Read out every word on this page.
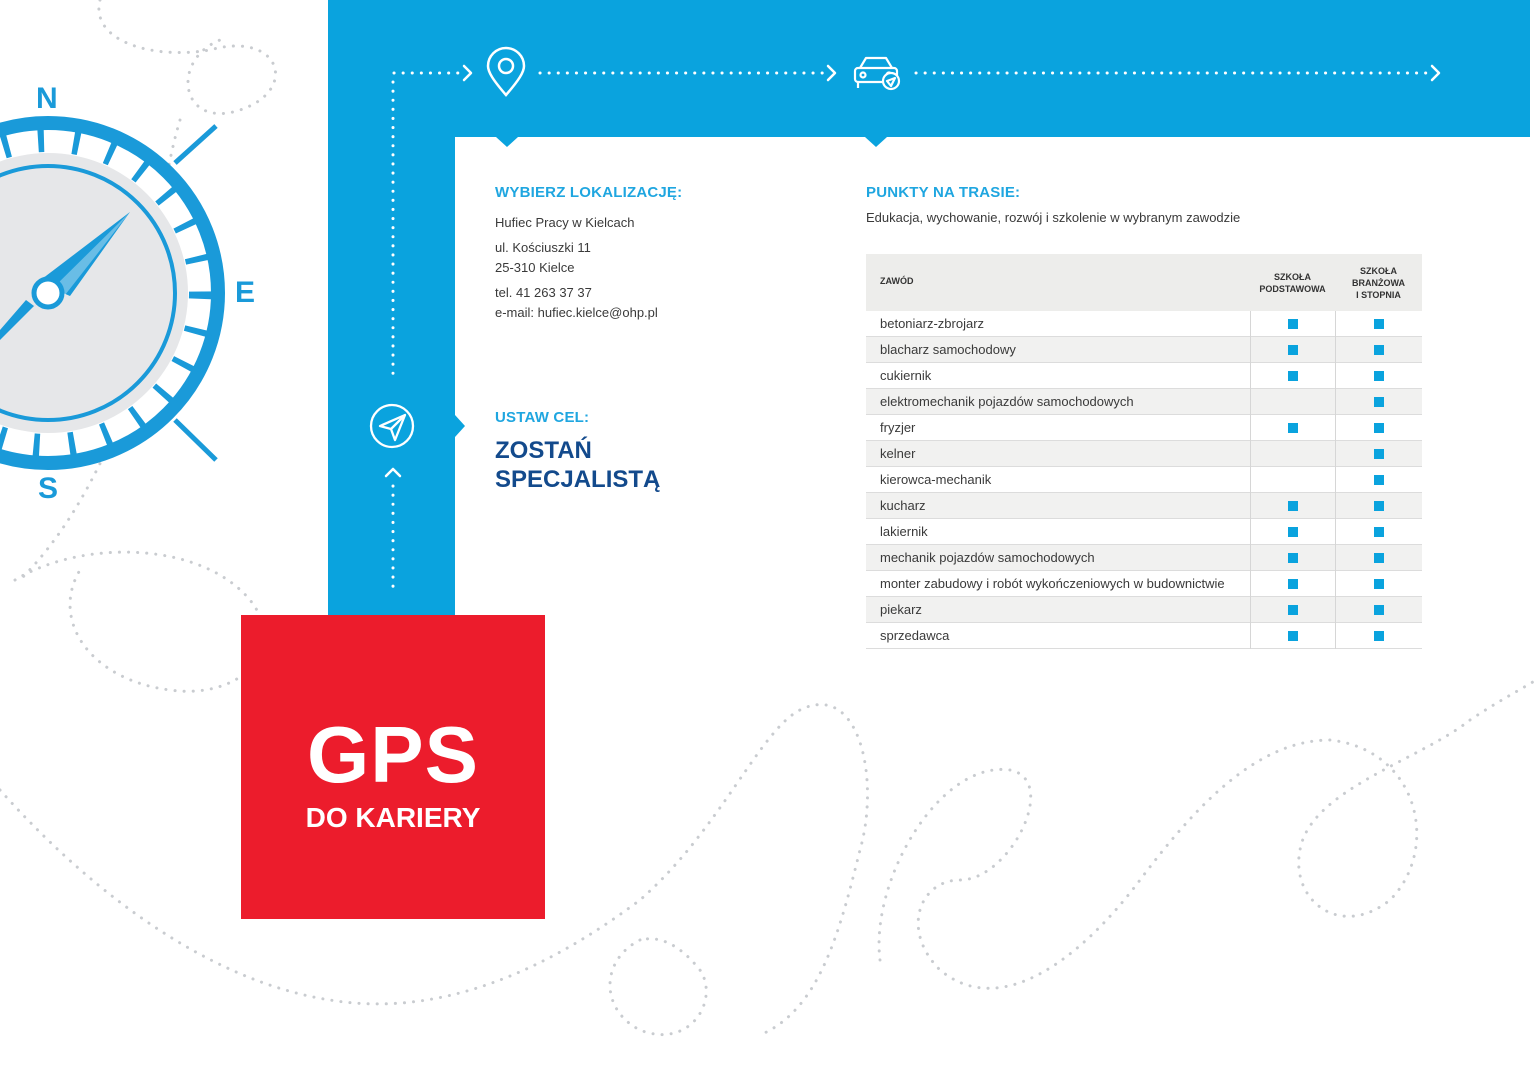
N
E
S
GPS
DO KARIERY
WYBIERZ LOKALIZACJĘ:
Hufiec Pracy w Kielcach
ul. Kościuszki 11
25-310 Kielce
tel. 41 263 37 37
e-mail: hufiec.kielce@ohp.pl
USTAW CEL:
ZOSTAŃ
SPECJALISTĄ
PUNKTY NA TRASIE:
Edukacja, wychowanie, rozwój i szkolenie w wybranym zawodzie
ZAWÓD	SZKOŁA
PODSTAWOWA
SZKOŁA
BRANŻOWA
I STOPNIA
betoniarz-zbrojarz
blacharz samochodowy
cukiernik
elektromechanik pojazdów samochodowych
fryzjer
kelner
kierowca-mechanik
kucharz
lakiernik
mechanik pojazdów samochodowych
monter zabudowy i robót wykończeniowych w budownictwie
piekarz
sprzedawca
